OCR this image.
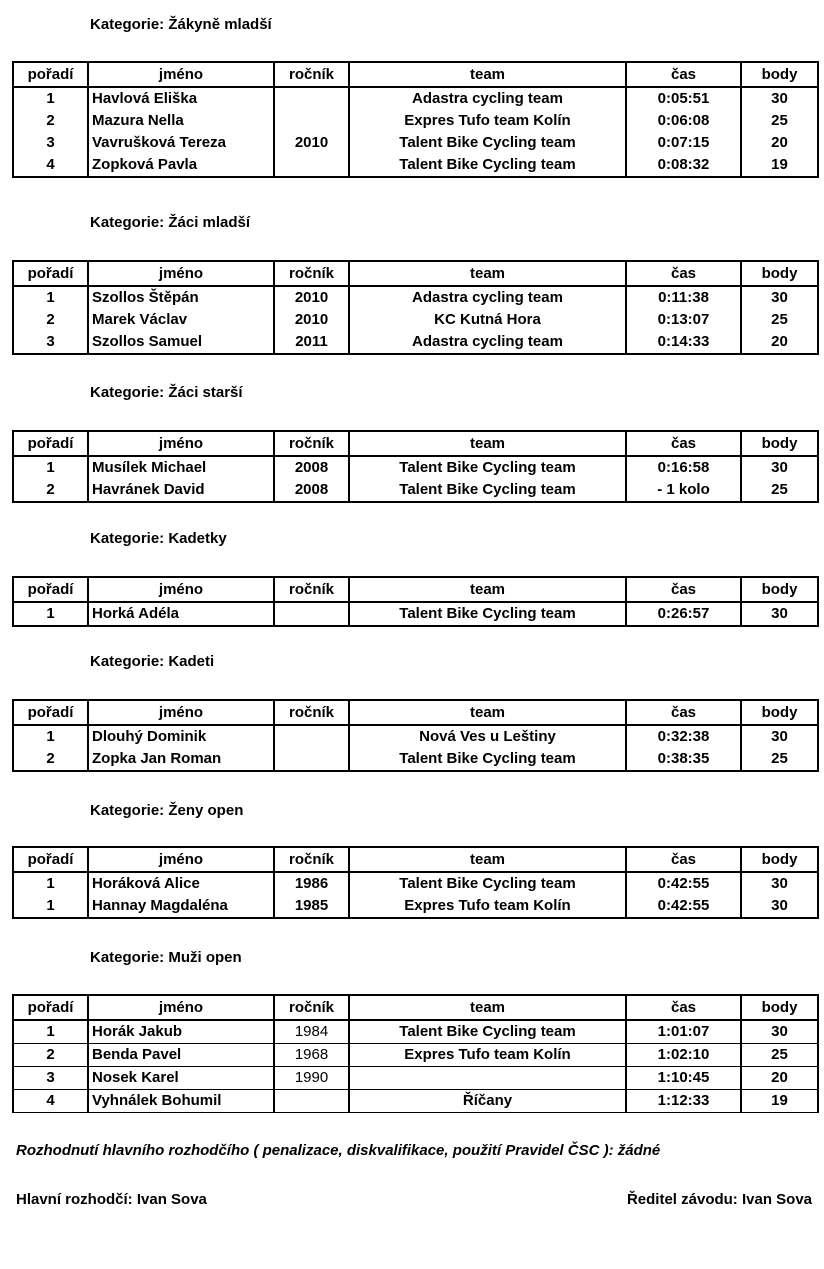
Kategorie: Žákyně mladší
pořadí	jméno	ročník	team	čas	body
1	Havlová Eliška		Adastra cycling team	0:05:51	30
2	Mazura Nella		Expres Tufo team Kolín	0:06:08	25
3	Vavrušková Tereza	2010	Talent Bike Cycling team	0:07:15	20
4	Zopková Pavla		Talent Bike Cycling team	0:08:32	19
Kategorie: Žáci mladší
pořadí	jméno	ročník	team	čas	body
1	Szollos Štěpán	2010	Adastra cycling team	0:11:38	30
2	Marek Václav	2010	KC Kutná Hora	0:13:07	25
3	Szollos Samuel	2011	Adastra cycling team	0:14:33	20
Kategorie: Žáci starší
pořadí	jméno	ročník	team	čas	body
1	Musílek Michael	2008	Talent Bike Cycling team	0:16:58	30
2	Havránek David	2008	Talent Bike Cycling team	- 1 kolo	25
Kategorie: Kadetky
pořadí	jméno	ročník	team	čas	body
1	Horká Adéla		Talent Bike Cycling team	0:26:57	30
Kategorie: Kadeti
pořadí	jméno	ročník	team	čas	body
1	Dlouhý Dominik		Nová Ves u Leštiny	0:32:38	30
2	Zopka Jan Roman		Talent Bike Cycling team	0:38:35	25
Kategorie: Ženy open
pořadí	jméno	ročník	team	čas	body
1	Horáková Alice	1986	Talent Bike Cycling team	0:42:55	30
1	Hannay Magdaléna	1985	Expres Tufo team Kolín	0:42:55	30
Kategorie: Muži open
pořadí	jméno	ročník	team	čas	body
1	Horák Jakub	1984	Talent Bike Cycling team	1:01:07	30
2	Benda Pavel	1968	Expres Tufo team Kolín	1:02:10	25
3	Nosek Karel	1990		1:10:45	20
4	Vyhnálek Bohumil		Říčany	1:12:33	19
Rozhodnutí hlavního rozhodčího ( penalizace, diskvalifikace, použití Pravidel ČSC ): žádné
Hlavní rozhodčí: Ivan Sova	Ředitel závodu: Ivan Sova
